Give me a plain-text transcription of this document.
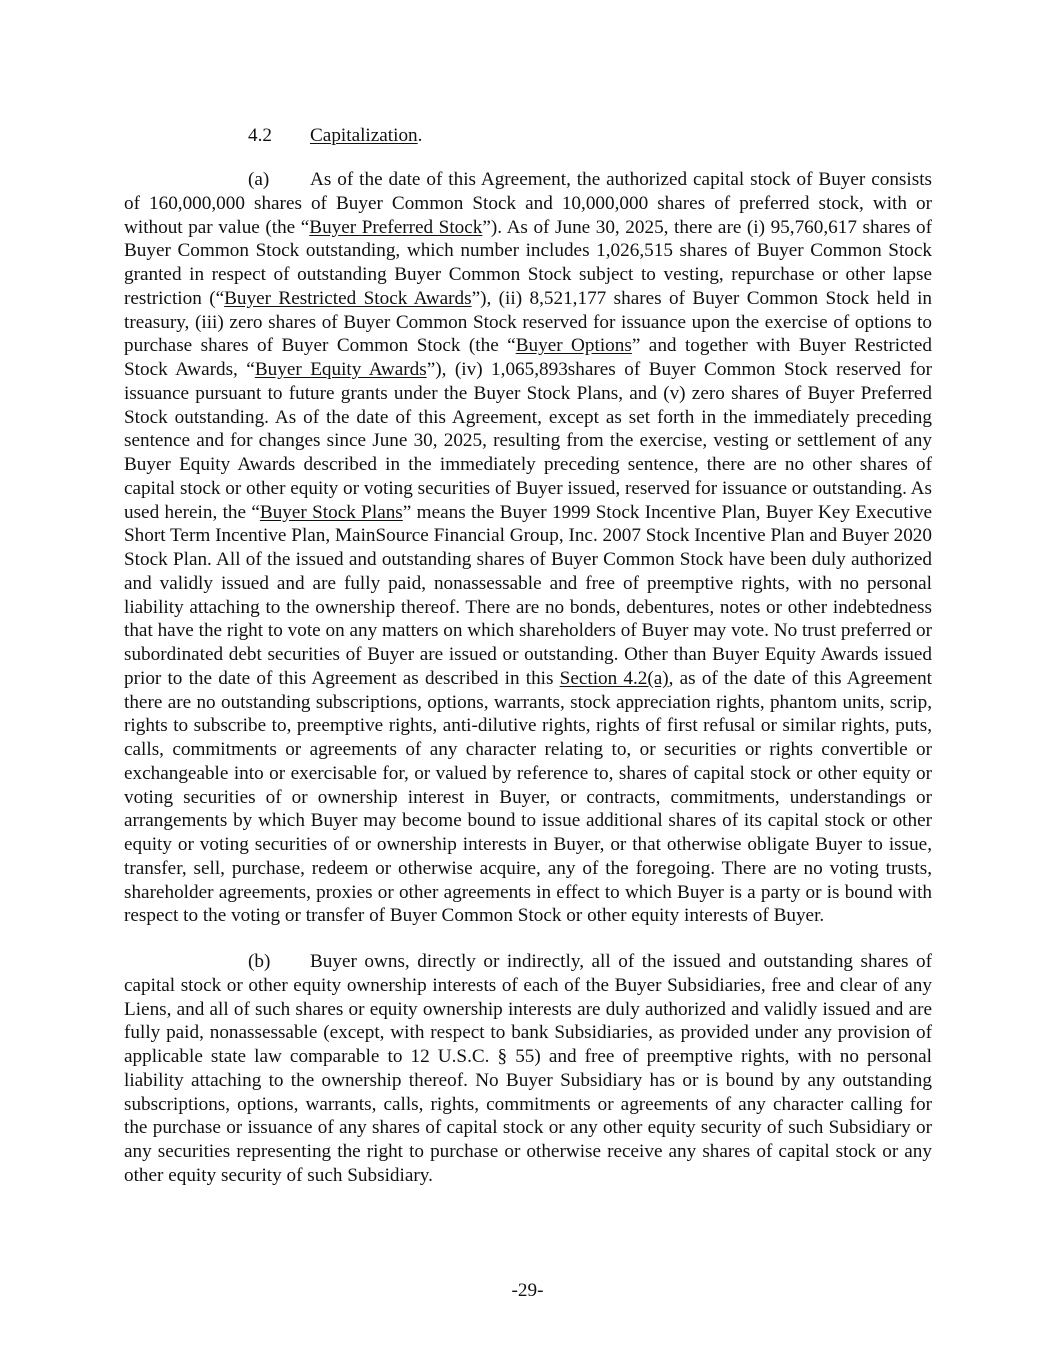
4.2 Capitalization.

(a) As of the date of this Agreement, the authorized capital stock of Buyer consists of 160,000,000 shares of Buyer Common Stock and 10,000,000 shares of preferred stock, with or without par value (the “Buyer Preferred Stock”). As of June 30, 2025, there are (i) 95,760,617 shares of Buyer Common Stock outstanding, which number includes 1,026,515 shares of Buyer Common Stock granted in respect of outstanding Buyer Common Stock subject to vesting, repurchase or other lapse restriction (“Buyer Restricted Stock Awards”), (ii) 8,521,177 shares of Buyer Common Stock held in treasury, (iii) zero shares of Buyer Common Stock reserved for issuance upon the exercise of options to purchase shares of Buyer Common Stock (the “Buyer Options” and together with Buyer Restricted Stock Awards, “Buyer Equity Awards”), (iv) 1,065,893shares of Buyer Common Stock reserved for issuance pursuant to future grants under the Buyer Stock Plans, and (v) zero shares of Buyer Preferred Stock outstanding. As of the date of this Agreement, except as set forth in the immediately preceding sentence and for changes since June 30, 2025, resulting from the exercise, vesting or settlement of any Buyer Equity Awards described in the immediately preceding sentence, there are no other shares of capital stock or other equity or voting securities of Buyer issued, reserved for issuance or outstanding. As used herein, the “Buyer Stock Plans” means the Buyer 1999 Stock Incentive Plan, Buyer Key Executive Short Term Incentive Plan, MainSource Financial Group, Inc. 2007 Stock Incentive Plan and Buyer 2020 Stock Plan. All of the issued and outstanding shares of Buyer Common Stock have been duly authorized and validly issued and are fully paid, nonassessable and free of preemptive rights, with no personal liability attaching to the ownership thereof. There are no bonds, debentures, notes or other indebtedness that have the right to vote on any matters on which shareholders of Buyer may vote. No trust preferred or subordinated debt securities of Buyer are issued or outstanding. Other than Buyer Equity Awards issued prior to the date of this Agreement as described in this Section 4.2(a), as of the date of this Agreement there are no outstanding subscriptions, options, warrants, stock appreciation rights, phantom units, scrip, rights to subscribe to, preemptive rights, anti-dilutive rights, rights of first refusal or similar rights, puts, calls, commitments or agreements of any character relating to, or securities or rights convertible or exchangeable into or exercisable for, or valued by reference to, shares of capital stock or other equity or voting securities of or ownership interest in Buyer, or contracts, commitments, understandings or arrangements by which Buyer may become bound to issue additional shares of its capital stock or other equity or voting securities of or ownership interests in Buyer, or that otherwise obligate Buyer to issue, transfer, sell, purchase, redeem or otherwise acquire, any of the foregoing. There are no voting trusts, shareholder agreements, proxies or other agreements in effect to which Buyer is a party or is bound with respect to the voting or transfer of Buyer Common Stock or other equity interests of Buyer.

(b) Buyer owns, directly or indirectly, all of the issued and outstanding shares of capital stock or other equity ownership interests of each of the Buyer Subsidiaries, free and clear of any Liens, and all of such shares or equity ownership interests are duly authorized and validly issued and are fully paid, nonassessable (except, with respect to bank Subsidiaries, as provided under any provision of applicable state law comparable to 12 U.S.C. § 55) and free of preemptive rights, with no personal liability attaching to the ownership thereof. No Buyer Subsidiary has or is bound by any outstanding subscriptions, options, warrants, calls, rights, commitments or agreements of any character calling for the purchase or issuance of any shares of capital stock or any other equity security of such Subsidiary or any securities representing the right to purchase or otherwise receive any shares of capital stock or any other equity security of such Subsidiary.

-29-
